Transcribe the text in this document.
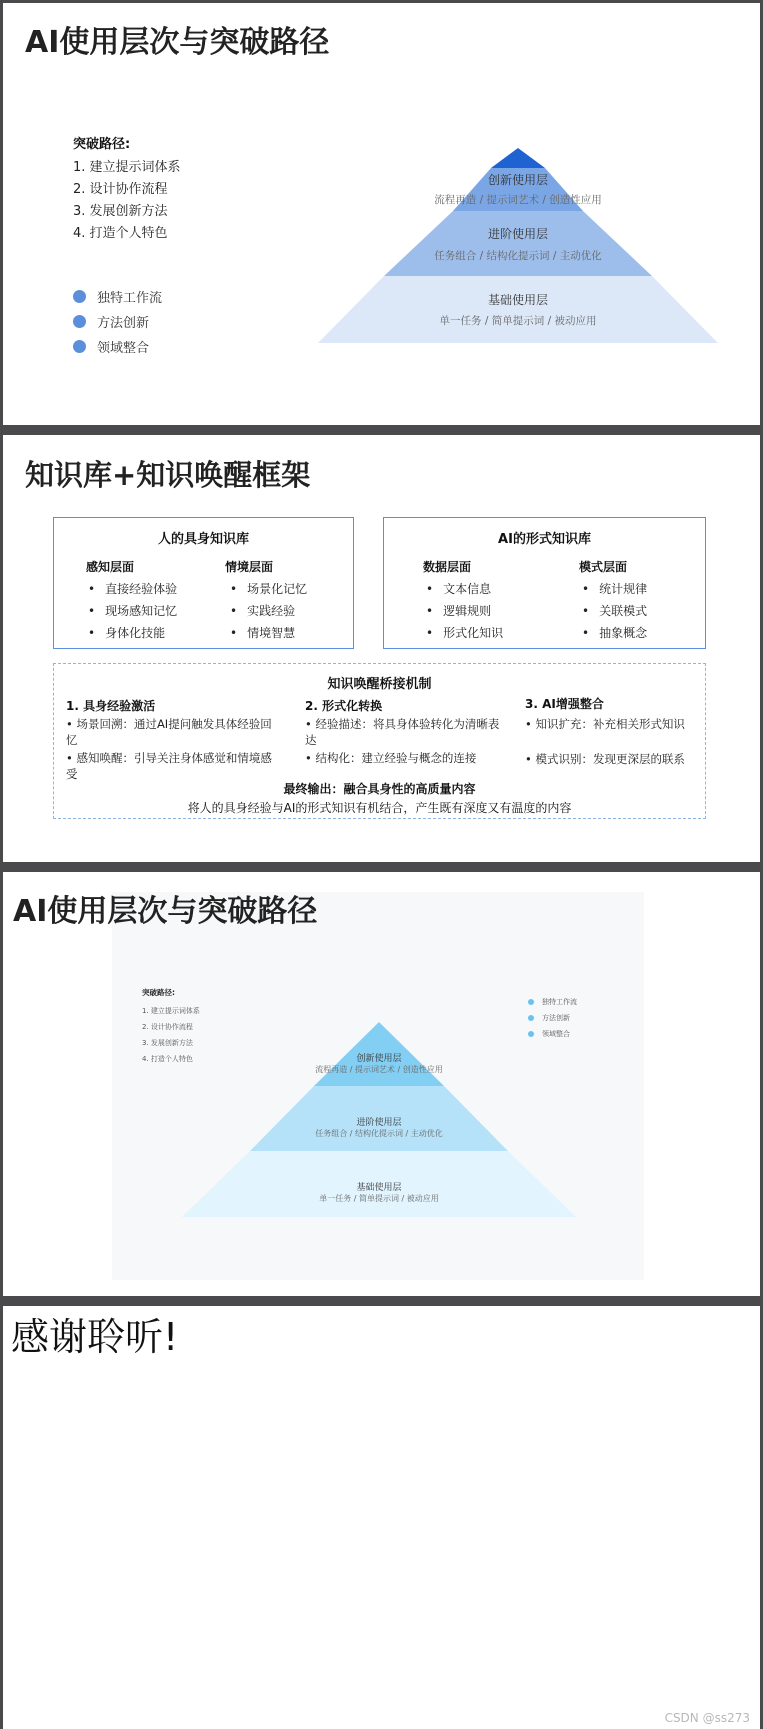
AI使用层次与突破路径
突破路径:
1. 建立提示词体系
2. 设计协作流程
3. 发展创新方法
4. 打造个人特色
独特工作流
方法创新
领域整合
创新使用层
流程再造 / 提示词艺术 / 创造性应用
进阶使用层
任务组合 / 结构化提示词 / 主动优化
基础使用层
单一任务 / 简单提示词 / 被动应用
知识库+知识唤醒框架
人的具身知识库
感知层面
• 直接经验体验
• 现场感知记忆
• 身体化技能
情境层面
• 场景化记忆
• 实践经验
• 情境智慧
AI的形式知识库
数据层面
• 文本信息
• 逻辑规则
• 形式化知识
模式层面
• 统计规律
• 关联模式
• 抽象概念
知识唤醒桥接机制
1. 具身经验激活
• 场景回溯：通过AI提问触发具体经验回忆
• 感知唤醒：引导关注身体感觉和情境感受
2. 形式化转换
• 经验描述：将具身体验转化为清晰表达
• 结构化：建立经验与概念的连接
3. AI增强整合
• 知识扩充：补充相关形式知识
• 模式识别：发现更深层的联系
最终输出：融合具身性的高质量内容
将人的具身经验与AI的形式知识有机结合，产生既有深度又有温度的内容
突破路径:
1. 建立提示词体系
2. 设计协作流程
3. 发展创新方法
4. 打造个人特色
独特工作流
方法创新
领域整合
创新使用层
流程再造 / 提示词艺术 / 创造性应用
进阶使用层
任务组合 / 结构化提示词 / 主动优化
基础使用层
单一任务 / 简单提示词 / 被动应用
AI使用层次与突破路径
感谢聆听!
CSDN @ss273
